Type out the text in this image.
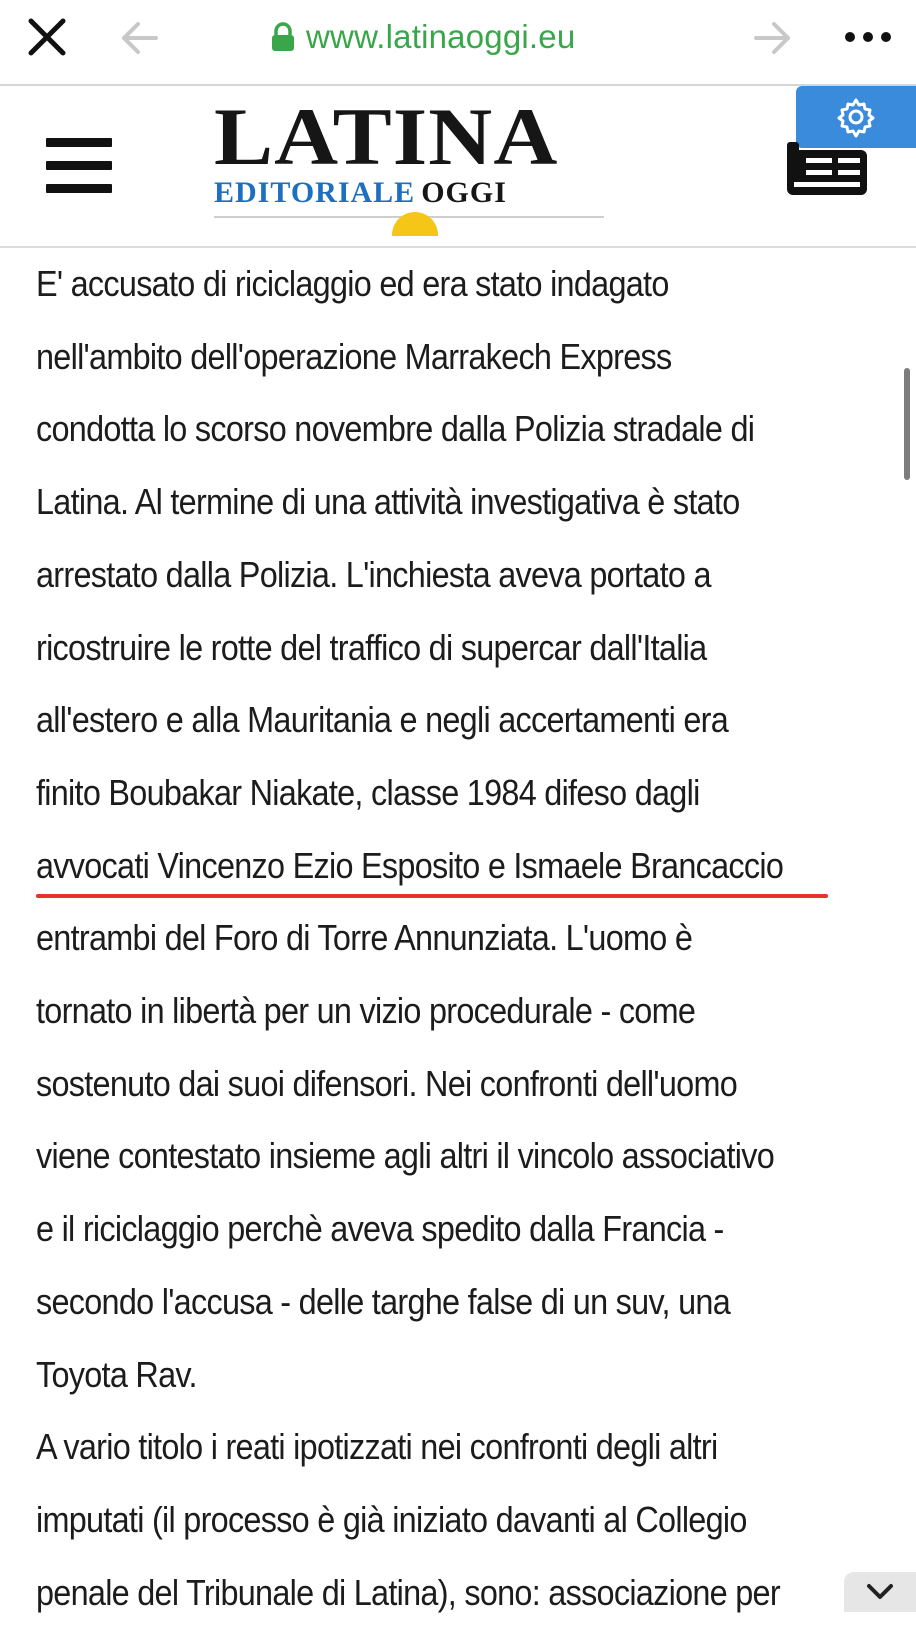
www.latinaoggi.eu
LATINA
EDITORIALE OGGI

E' accusato di riciclaggio ed era stato indagato
nell'ambito dell'operazione Marrakech Express
condotta lo scorso novembre dalla Polizia stradale di
Latina. Al termine di una attività investigativa è stato
arrestato dalla Polizia. L'inchiesta aveva portato a
ricostruire le rotte del traffico di supercar dall'Italia
all'estero e alla Mauritania e negli accertamenti era
finito Boubakar Niakate, classe 1984 difeso dagli
avvocati Vincenzo Ezio Esposito e Ismaele Brancaccio
entrambi del Foro di Torre Annunziata. L'uomo è
tornato in libertà per un vizio procedurale - come
sostenuto dai suoi difensori. Nei confronti dell'uomo
viene contestato insieme agli altri il vincolo associativo
e il riciclaggio perchè aveva spedito dalla Francia -
secondo l'accusa - delle targhe false di un suv, una
Toyota Rav.
A vario titolo i reati ipotizzati nei confronti degli altri
imputati (il processo è già iniziato davanti al Collegio
penale del Tribunale di Latina), sono: associazione per
